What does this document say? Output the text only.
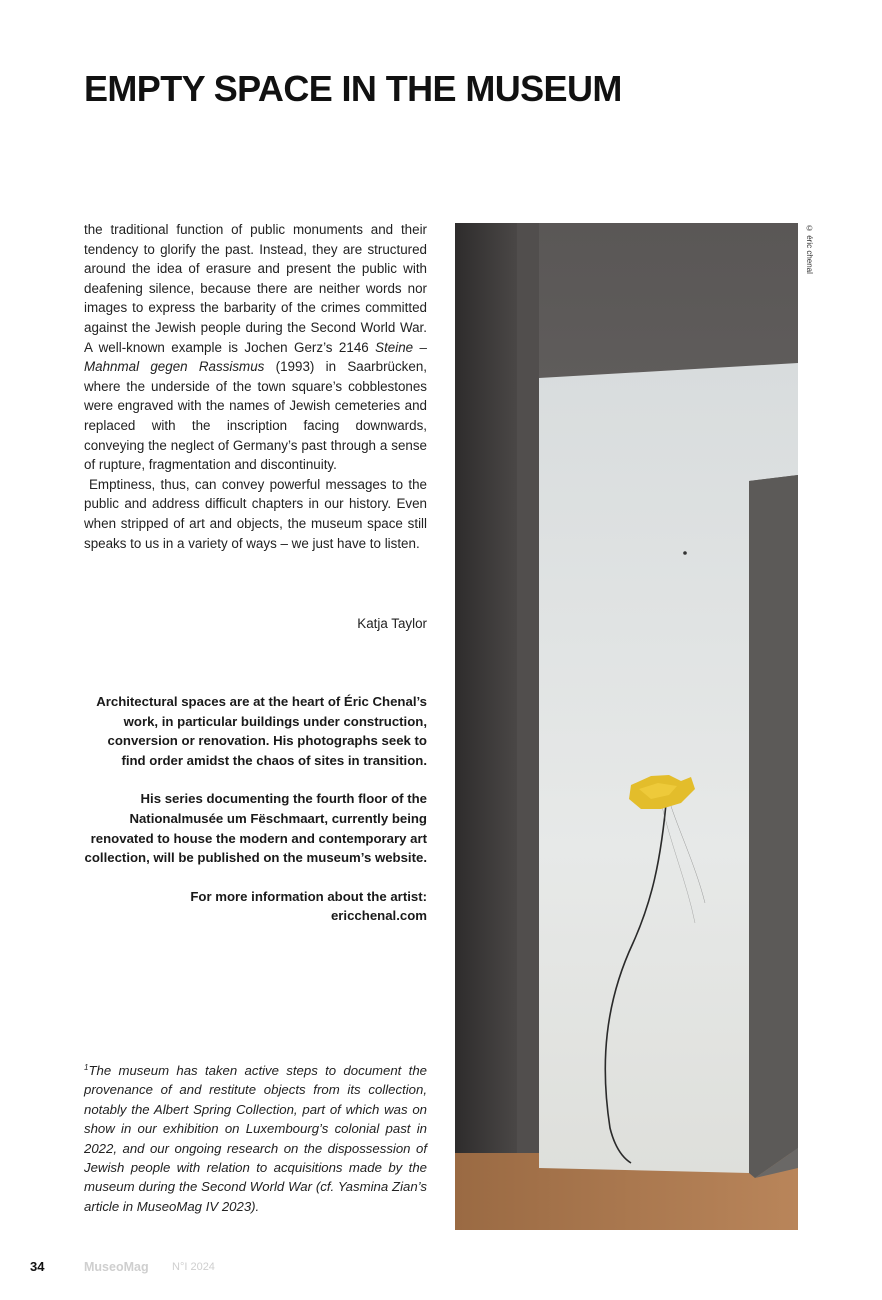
EMPTY SPACE IN THE MUSEUM

the traditional function of public monuments and their tendency to glorify the past. Instead, they are structured around the idea of erasure and present the public with deafening silence, because there are neither words nor images to express the barbarity of the crimes committed against the Jewish people during the Second World War. A well-known example is Jochen Gerz’s 2146 Steine – Mahnmal gegen Rassismus (1993) in Saarbrücken, where the underside of the town square’s cobblestones were engraved with the names of Jewish cemeteries and replaced with the inscription facing downwards, conveying the neglect of Germany’s past through a sense of rupture, fragmentation and discontinuity.

Emptiness, thus, can convey powerful messages to the public and address difficult chapters in our history. Even when stripped of art and objects, the museum space still speaks to us in a variety of ways – we just have to listen.

Katja Taylor

Architectural spaces are at the heart of Éric Chenal’s work, in particular buildings under construction, conversion or renovation. His photographs seek to find order amidst the chaos of sites in transition.

His series documenting the fourth floor of the Nationalmusée um Fëschmaart, currently being renovated to house the modern and contemporary art collection, will be published on the museum’s website.

For more information about the artist:
ericchenal.com

$^1$The museum has taken active steps to document the provenance of and restitute objects from its collection, notably the Albert Spring Collection, part of which was on show in our exhibition on Luxembourg’s colonial past in 2022, and our ongoing research on the dispossession of Jewish people with relation to acquisitions made by the museum during the Second World War (cf. Yasmina Zian’s article in MuseoMag IV 2023).
© éric chenal
34	MuseoMag N°I 2024
